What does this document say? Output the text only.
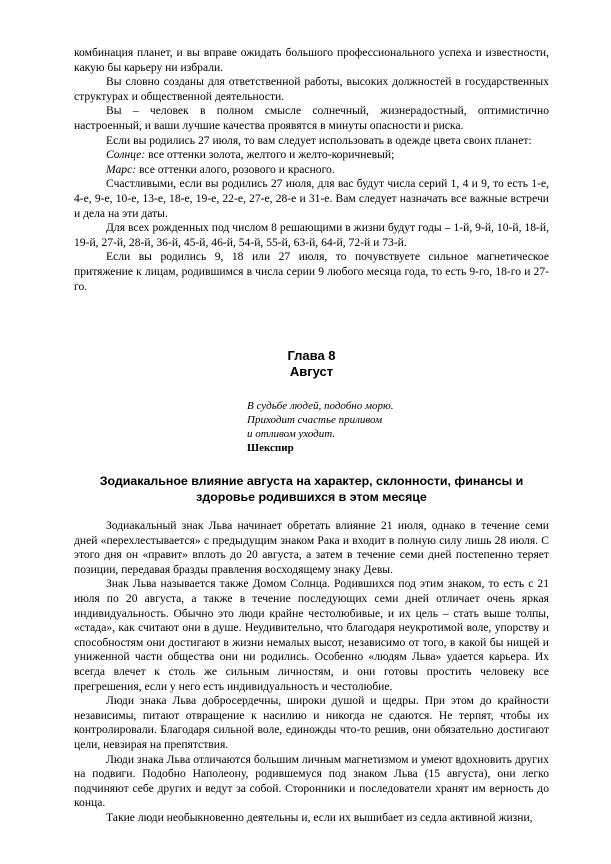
комбинация планет, и вы вправе ожидать большого профессионального успеха и известности, какую бы карьеру ни избрали.

Вы словно созданы для ответственной работы, высоких должностей в государственных структурах и общественной деятельности.

Вы – человек в полном смысле солнечный, жизнерадостный, оптимистично настроенный, и ваши лучшие качества проявятся в минуты опасности и риска.

Если вы родились 27 июля, то вам следует использовать в одежде цвета своих планет:

Солнце: все оттенки золота, желтого и желто-коричневый;

Марс: все оттенки алого, розового и красного.

Счастливыми, если вы родились 27 июля, для вас будут числа серий 1, 4 и 9, то есть 1-е, 4-е, 9-е, 10-е, 13-е, 18-е, 19-е, 22-е, 27-е, 28-е и 31-е. Вам следует назначать все важные встречи и дела на эти даты.

Для всех рожденных под числом 8 решающими в жизни будут годы – 1-й, 9-й, 10-й, 18-й, 19-й, 27-й, 28-й, 36-й, 45-й, 46-й, 54-й, 55-й, 63-й, 64-й, 72-й и 73-й.

Если вы родились 9, 18 или 27 июля, то почувствуете сильное магнетическое притяжение к лицам, родившимся в числа серии 9 любого месяца года, то есть 9-го, 18-го и 27-го.

Глава 8

Август

В судьбе людей, подобно морю.
Приходит счастье приливом
и отливом уходит.
Шекспир

Зодиакальное влияние августа на характер, склонности, финансы и

здоровье родившихся в этом месяце

Зодиакальный знак Льва начинает обретать влияние 21 июля, однако в течение семи дней «перехлестывается» с предыдущим знаком Рака и входит в полную силу лишь 28 июля. С этого дня он «правит» вплоть до 20 августа, а затем в течение семи дней постепенно теряет позиции, передавая бразды правления восходящему знаку Девы.

Знак Льва называется также Домом Солнца. Родившихся под этим знаком, то есть с 21 июля по 20 августа, а также в течение последующих семи дней отличает очень яркая индивидуальность. Обычно это люди крайне честолюбивые, и их цель – стать выше толпы, «стада», как считают они в душе. Неудивительно, что благодаря неукротимой воле, упорству и способностям они достигают в жизни немалых высот, независимо от того, в какой бы нищей и униженной части общества они ни родились. Особенно «людям Льва» удается карьера. Их всегда влечет к столь же сильным личностям, и они готовы простить человеку все прегрешения, если у него есть индивидуальность и честолюбие.

Люди знака Льва добросердечны, широки душой и щедры. При этом до крайности независимы, питают отвращение к насилию и никогда не сдаются. Не терпят, чтобы их контролировали. Благодаря сильной воле, единожды что-то решив, они обязательно достигают цели, невзирая на препятствия.

Люди знака Льва отличаются большим личным магнетизмом и умеют вдохновить других на подвиги. Подобно Наполеону, родившемуся под знаком Льва (15 августа), они легко подчиняют себе других и ведут за собой. Сторонники и последователи хранят им верность до конца.

Такие люди необыкновенно деятельны и, если их вышибает из седла активной жизни,
